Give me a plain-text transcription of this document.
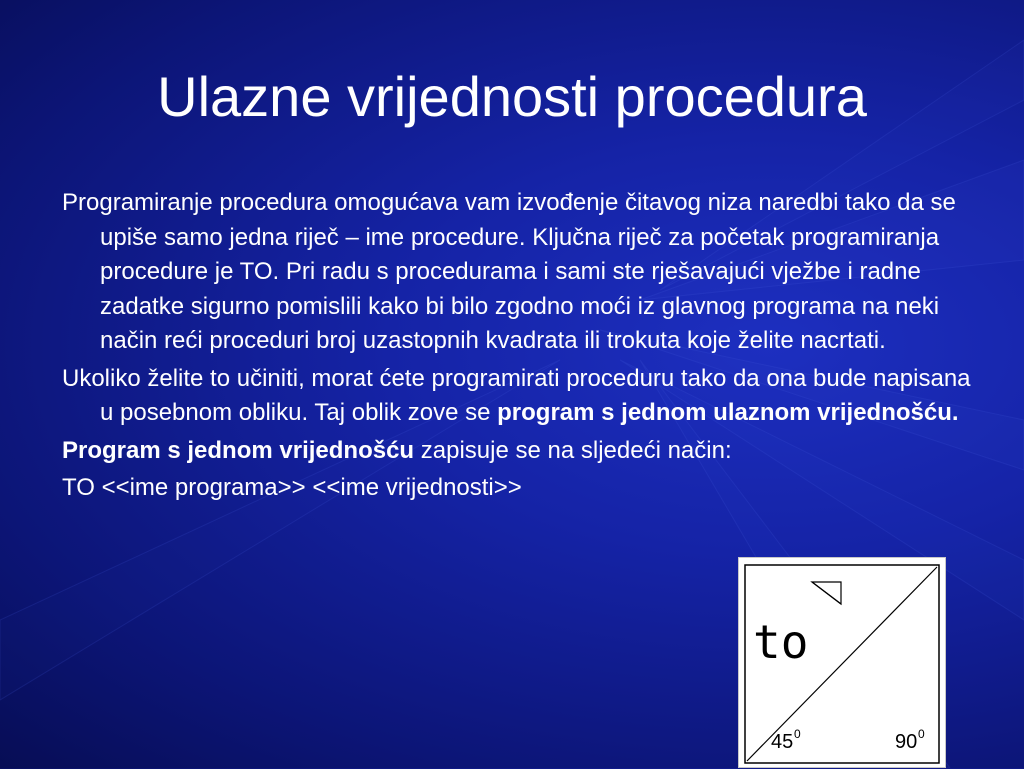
Ulazne vrijednosti procedura

Programiranje procedura omogućava vam izvođenje čitavog niza naredbi tako da se upiše samo jedna riječ – ime procedure. Ključna riječ za početak programiranja procedure je TO. Pri radu s procedurama i sami ste rješavajući vježbe i radne zadatke sigurno pomislili kako bi bilo zgodno moći iz glavnog programa na neki način reći proceduri broj uzastopnih kvadrata ili trokuta koje želite nacrtati.

Ukoliko želite to učiniti, morat ćete programirati proceduru tako da ona bude napisana u posebnom obliku. Taj oblik zove se program s jednom ulaznom vrijednošću.

Program s jednom vrijednošću zapisuje se na sljedeći način:

TO <<ime programa>> <<ime vrijednosti>>

to
45 0	90 0
